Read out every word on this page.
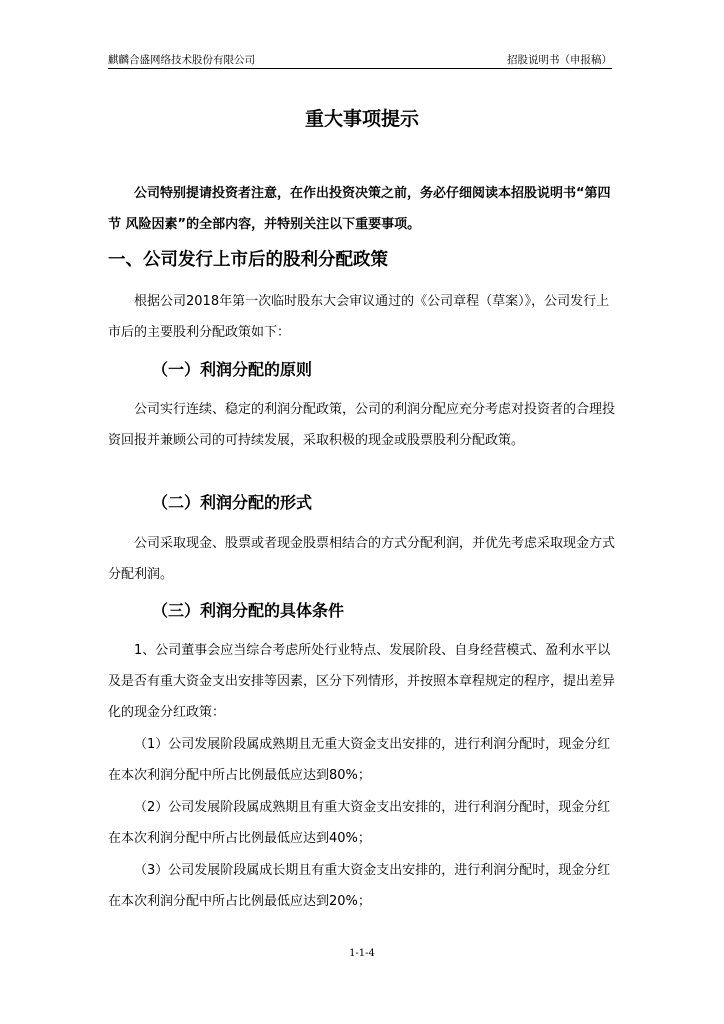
麒麟合盛网络技术股份有限公司	招股说明书（申报稿）
重大事项提示

公司特别提请投资者注意，在作出投资决策之前，务必仔细阅读本招股说明书“第四节 风险因素”的全部内容，并特别关注以下重要事项。

一、公司发行上市后的股利分配政策

根据公司2018年第一次临时股东大会审议通过的《公司章程（草案）》，公司发行上市后的主要股利分配政策如下：

（一）利润分配的原则

公司实行连续、稳定的利润分配政策，公司的利润分配应充分考虑对投资者的合理投资回报并兼顾公司的可持续发展，采取积极的现金或股票股利分配政策。

（二）利润分配的形式

公司采取现金、股票或者现金股票相结合的方式分配利润，并优先考虑采取现金方式分配利润。

（三）利润分配的具体条件

1、公司董事会应当综合考虑所处行业特点、发展阶段、自身经营模式、盈利水平以及是否有重大资金支出安排等因素，区分下列情形，并按照本章程规定的程序，提出差异化的现金分红政策：

（1）公司发展阶段属成熟期且无重大资金支出安排的，进行利润分配时，现金分红在本次利润分配中所占比例最低应达到80%；

（2）公司发展阶段属成熟期且有重大资金支出安排的，进行利润分配时，现金分红在本次利润分配中所占比例最低应达到40%；

（3）公司发展阶段属成长期且有重大资金支出安排的，进行利润分配时，现金分红在本次利润分配中所占比例最低应达到20%；

1-1-4
